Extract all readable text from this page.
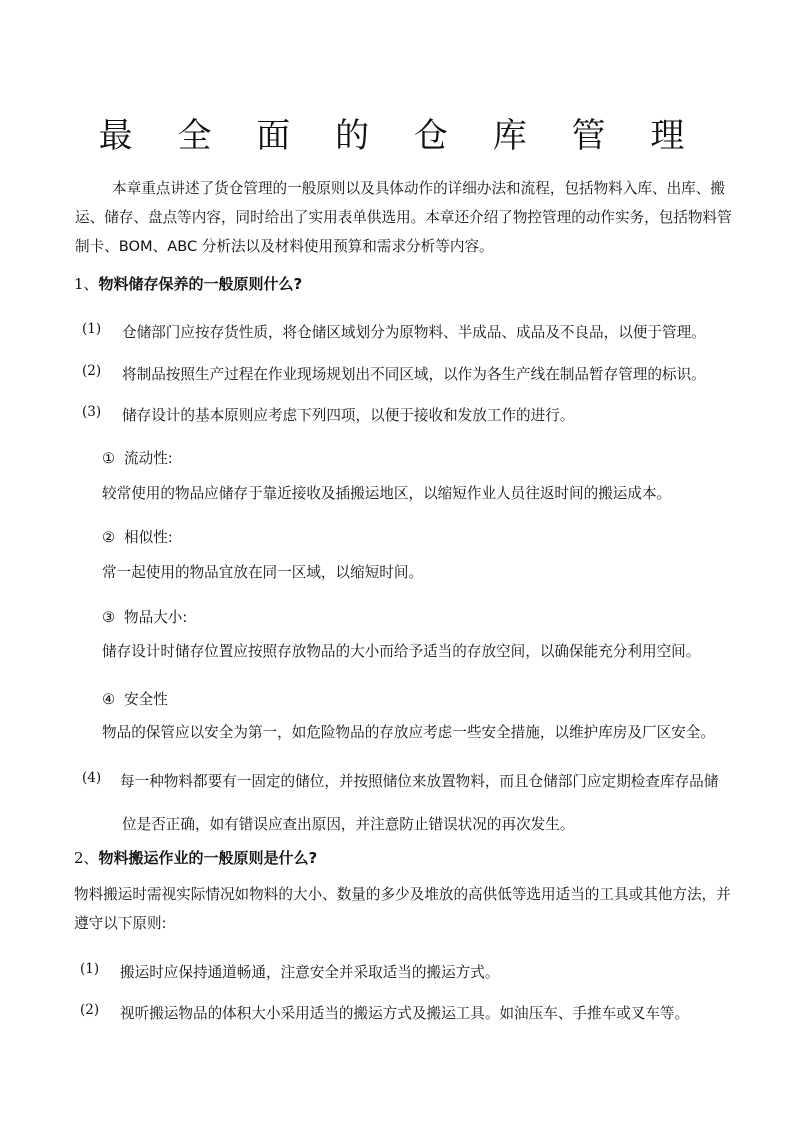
最 全 面 的 仓 库 管 理

本章重点讲述了货仓管理的一般原则以及具体动作的详细办法和流程，包括物料入库、出库、搬运、储存、盘点等内容，同时给出了实用表单供选用。本章还介绍了物控管理的动作实务，包括物料管制卡、BOM、ABC 分析法以及材料使用预算和需求分析等内容。

1、物料储存保养的一般原则什么?
(1)	仓储部门应按存货性质，将仓储区域划分为原物料、半成品、成品及不良品，以便于管理。
(2)	将制品按照生产过程在作业现场规划出不同区域，以作为各生产线在制品暂存管理的标识。
(3)	储存设计的基本原则应考虑下列四项，以便于接收和发放工作的进行。
① 流动性:
较常使用的物品应储存于靠近接收及插搬运地区，以缩短作业人员往返时间的搬运成本。
② 相似性:
常一起使用的物品宜放在同一区域，以缩短时间。
③ 物品大小:
储存设计时储存位置应按照存放物品的大小而给予适当的存放空间，以确保能充分利用空间。
④ 安全性
物品的保管应以安全为第一，如危险物品的存放应考虑一些安全措施，以维护库房及厂区安全。
(4)	每一种物料都要有一固定的储位，并按照储位来放置物料，而且仓储部门应定期检查库存品储
位是否正确，如有错误应查出原因，并注意防止错误状况的再次发生。
2、物料搬运作业的一般原则是什么?

物料搬运时需视实际情况如物料的大小、数量的多少及堆放的高供低等选用适当的工具或其他方法，并遵守以下原则:

(1)	搬运时应保持通道畅通，注意安全并采取适当的搬运方式。
(2)	视听搬运物品的体积大小采用适当的搬运方式及搬运工具。如油压车、手推车或叉车等。
